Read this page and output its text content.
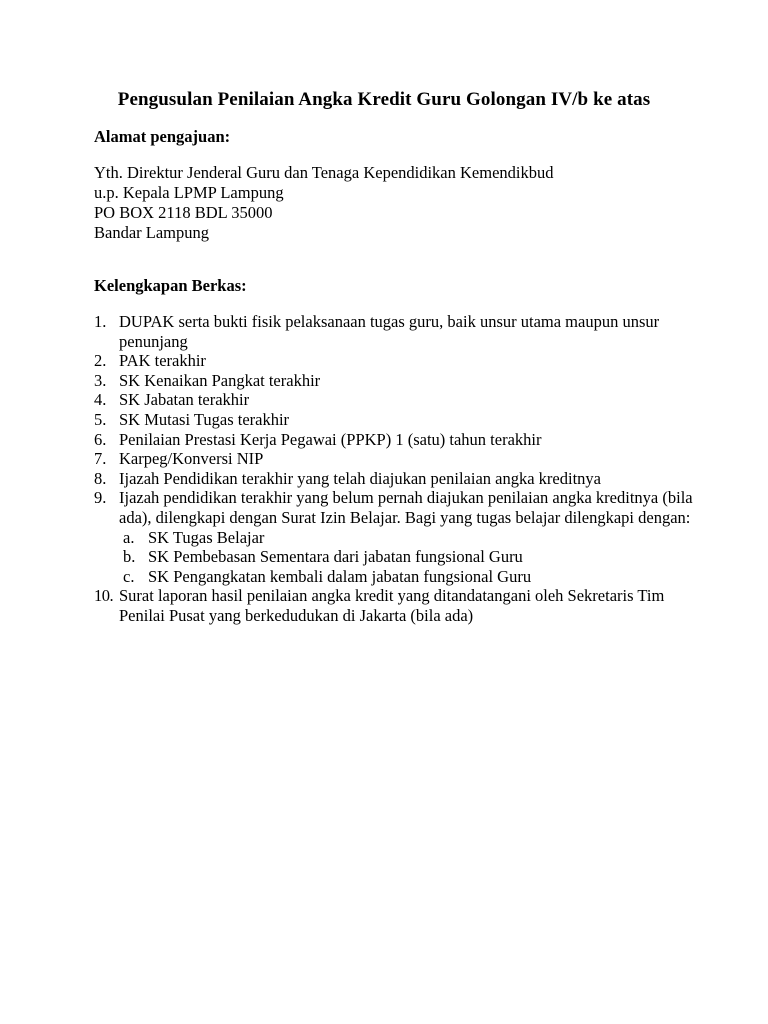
Pengusulan Penilaian Angka Kredit Guru Golongan IV/b ke atas
Alamat pengajuan:
Yth. Direktur Jenderal Guru dan Tenaga Kependidikan Kemendikbud
u.p. Kepala LPMP Lampung
PO BOX 2118 BDL 35000
Bandar Lampung
Kelengkapan Berkas:
1. DUPAK serta bukti fisik pelaksanaan tugas guru, baik unsur utama maupun unsur penunjang
2. PAK terakhir
3. SK Kenaikan Pangkat terakhir
4. SK Jabatan terakhir
5. SK Mutasi Tugas terakhir
6. Penilaian Prestasi Kerja Pegawai (PPKP) 1 (satu) tahun terakhir
7. Karpeg/Konversi NIP
8. Ijazah Pendidikan terakhir yang telah diajukan penilaian angka kreditnya
9. Ijazah pendidikan terakhir yang belum pernah diajukan penilaian angka kreditnya (bila ada), dilengkapi dengan Surat Izin Belajar. Bagi yang tugas belajar dilengkapi dengan:
a. SK Tugas Belajar
b. SK Pembebasan Sementara dari jabatan fungsional Guru
c. SK Pengangkatan kembali dalam jabatan fungsional Guru
10. Surat laporan hasil penilaian angka kredit yang ditandatangani oleh Sekretaris Tim Penilai Pusat yang berkedudukan di Jakarta (bila ada)
